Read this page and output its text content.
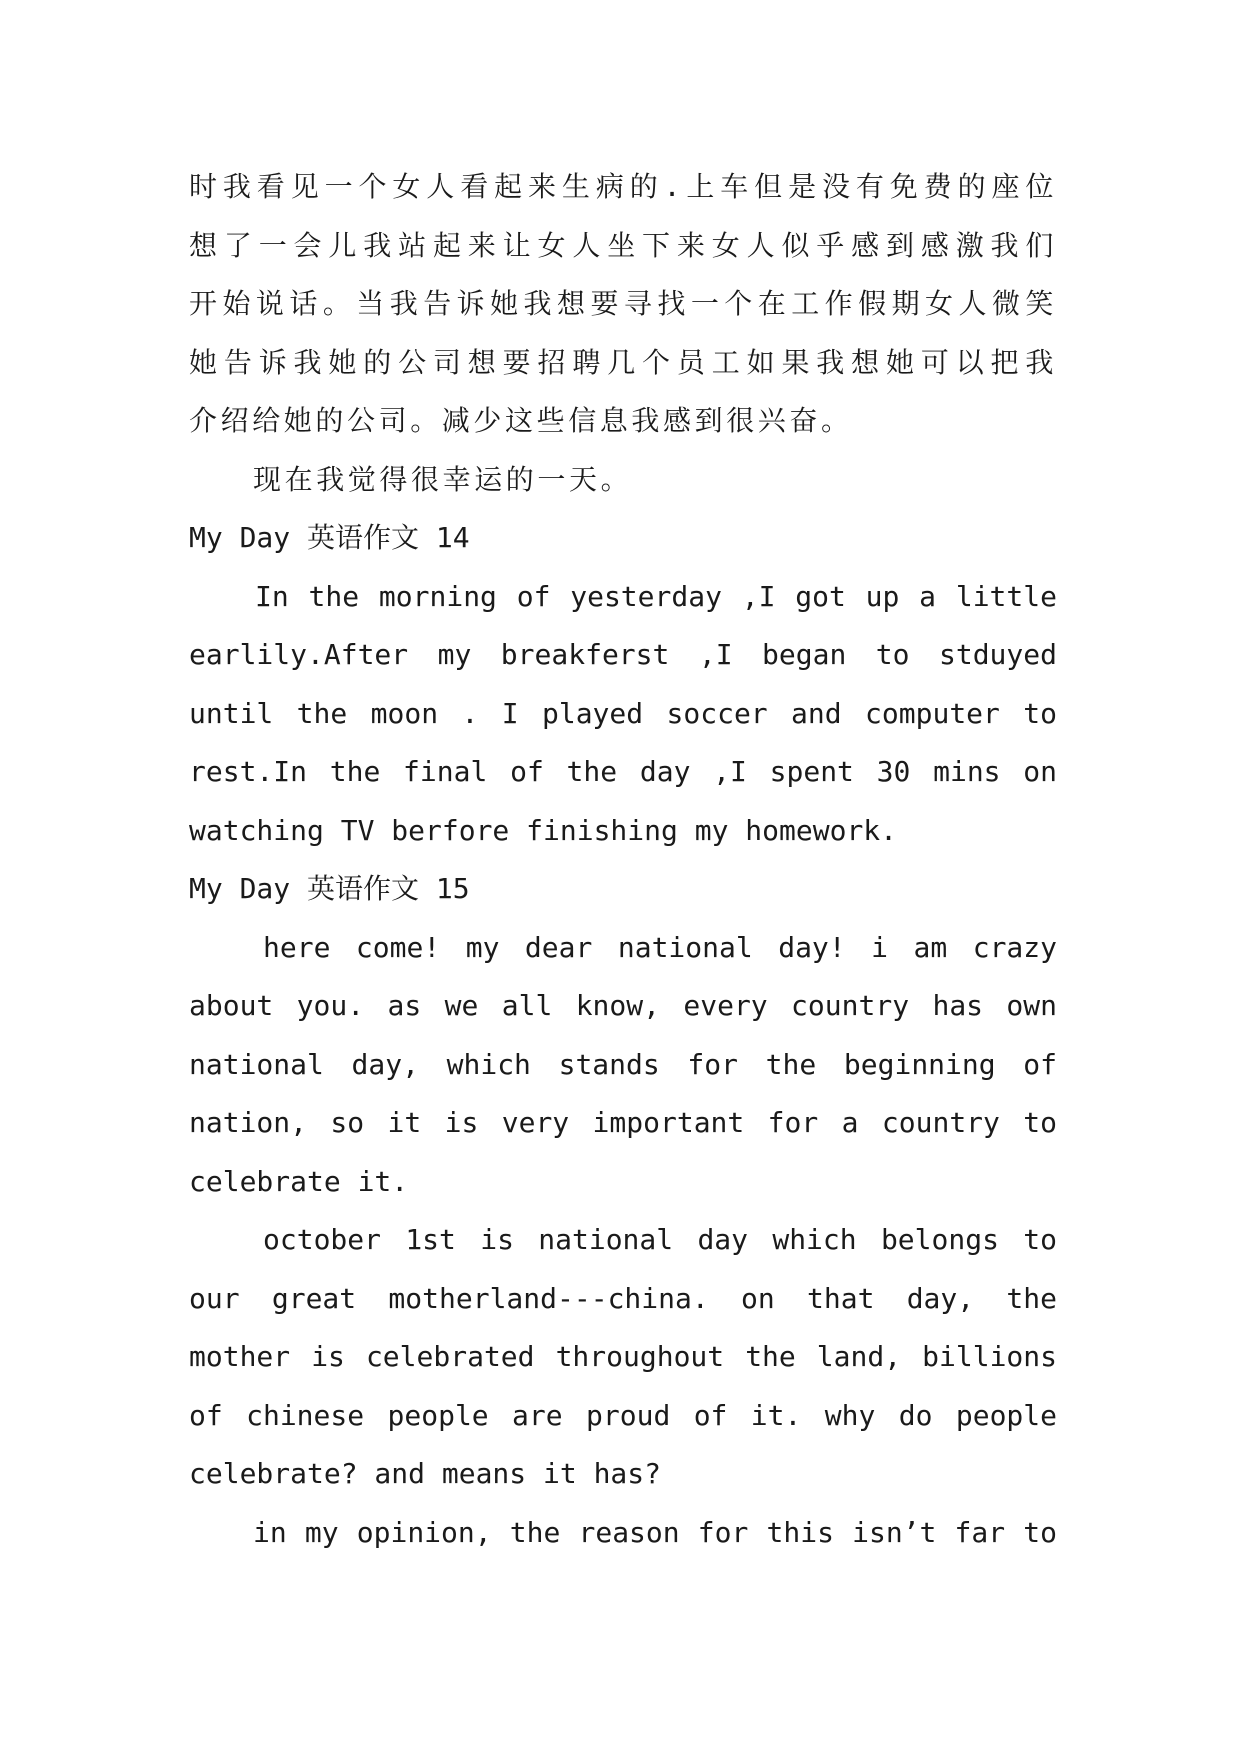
时我看见一个女人看起来生病的.上车但是没有免费的座位
想了一会儿我站起来让女人坐下来女人似乎感到感激我们
开始说话。当我告诉她我想要寻找一个在工作假期女人微笑
她告诉我她的公司想要招聘几个员工如果我想她可以把我
介绍给她的公司。减少这些信息我感到很兴奋。
现在我觉得很幸运的一天。
My Day 英语作文 14
In the morning of yesterday ,I got up a little
earlily.After my breakferst ,I began to stduyed
until the moon . I played soccer and computer to
rest.In the final of the day ,I spent 30 mins on
watching TV berfore finishing my homework.
My Day 英语作文 15
here come! my dear national day! i am crazy
about you. as we all know, every country has own
national day, which stands for the beginning of
nation, so it is very important for a country to
celebrate it.
october 1st is national day which belongs to
our great motherland---china. on that day, the
mother is celebrated throughout the land, billions
of chinese people are proud of it. why do people
celebrate? and means it has?
in my opinion, the reason for this isn’t far to
